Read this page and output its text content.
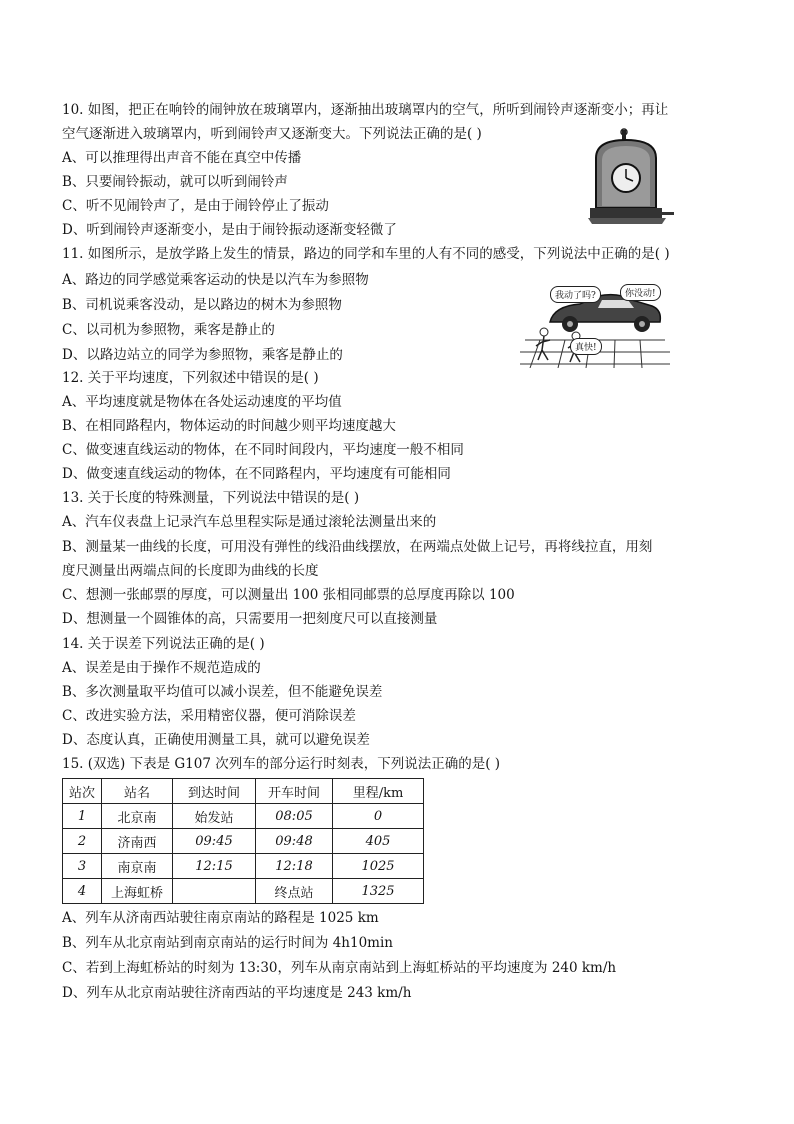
10. 如图，把正在响铃的闹钟放在玻璃罩内，逐渐抽出玻璃罩内的空气，所听到闹铃声逐渐变小；再让
空气逐渐进入玻璃罩内，听到闹铃声又逐渐变大。下列说法正确的是( )
A、可以推理得出声音不能在真空中传播
B、只要闹铃振动，就可以听到闹铃声
C、听不见闹铃声了，是由于闹铃停止了振动
D、听到闹铃声逐渐变小，是由于闹铃振动逐渐变轻微了
11. 如图所示，是放学路上发生的情景，路边的同学和车里的人有不同的感受，下列说法中正确的是( )
A、路边的同学感觉乘客运动的快是以汽车为参照物
B、司机说乘客没动，是以路边的树木为参照物
C、以司机为参照物，乘客是静止的
D、以路边站立的同学为参照物，乘客是静止的
我动了吗?	你没动!
真快!
12. 关于平均速度，下列叙述中错误的是( )
A、平均速度就是物体在各处运动速度的平均值
B、在相同路程内，物体运动的时间越少则平均速度越大
C、做变速直线运动的物体，在不同时间段内，平均速度一般不相同
D、做变速直线运动的物体，在不同路程内，平均速度有可能相同
13. 关于长度的特殊测量，下列说法中错误的是( )
A、汽车仪表盘上记录汽车总里程实际是通过滚轮法测量出来的
B、测量某一曲线的长度，可用没有弹性的线沿曲线摆放，在两端点处做上记号，再将线拉直，用刻
度尺测量出两端点间的长度即为曲线的长度
C、想测一张邮票的厚度，可以测量出 100 张相同邮票的总厚度再除以 100
D、想测量一个圆锥体的高，只需要用一把刻度尺可以直接测量
14. 关于误差下列说法正确的是( )
A、误差是由于操作不规范造成的
B、多次测量取平均值可以减小误差，但不能避免误差
C、改进实验方法，采用精密仪器，便可消除误差
D、态度认真，正确使用测量工具，就可以避免误差
15. (双选) 下表是 G107 次列车的部分运行时刻表，下列说法正确的是( )
站次	站名	到达时间	开车时间	里程/km
1	北京南	始发站	08:05	0
2	济南西	09:45	09:48	405
3	南京南	12:15	12:18	1025
4	上海虹桥		终点站	1325
A、列车从济南西站驶往南京南站的路程是 1025 km
B、列车从北京南站到南京南站的运行时间为 4h10min
C、若到上海虹桥站的时刻为 13:30，列车从南京南站到上海虹桥站的平均速度为 240 km/h
D、列车从北京南站驶往济南西站的平均速度是 243 km/h
